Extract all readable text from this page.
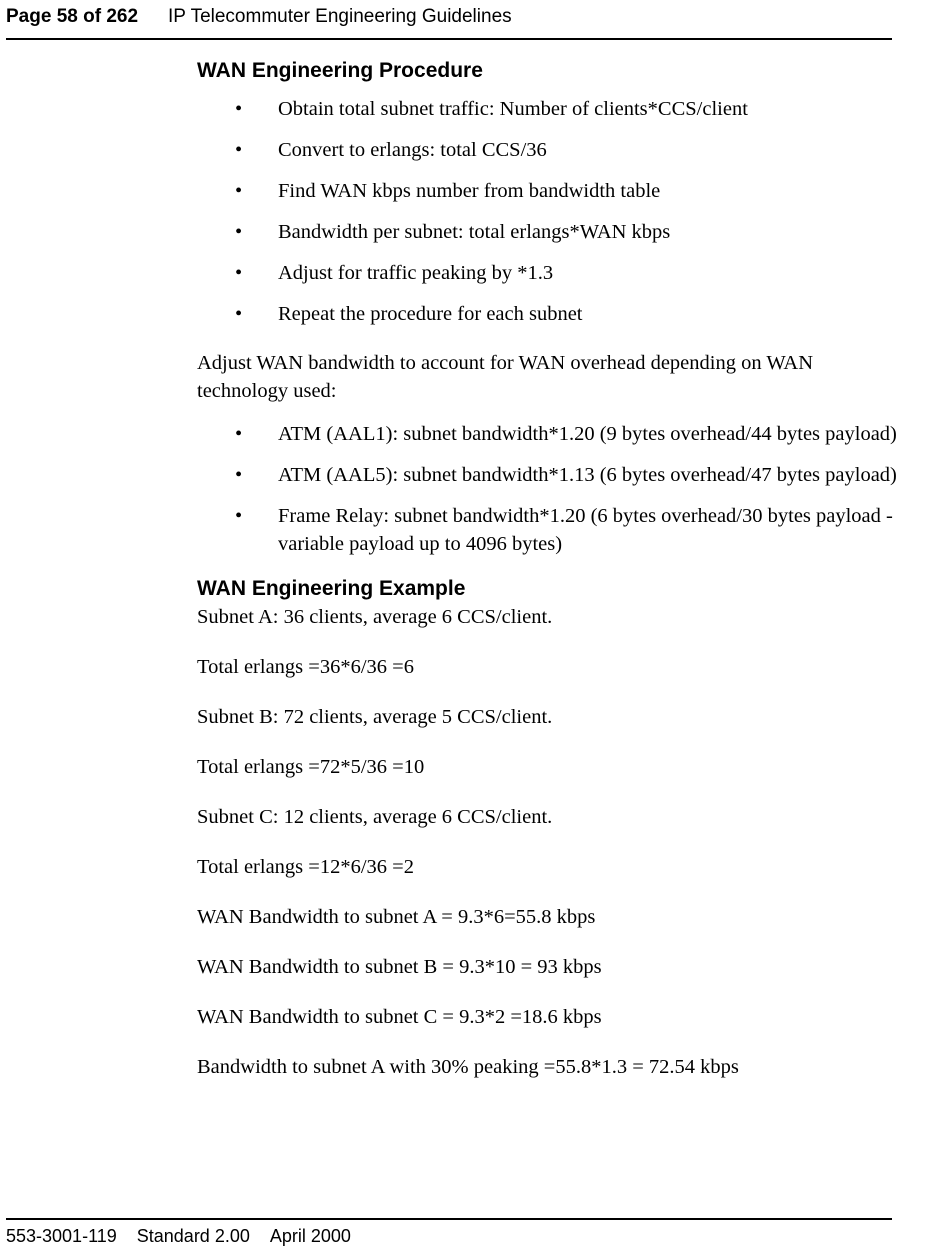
Page 58 of 262 IP Telecommuter Engineering Guidelines
WAN Engineering Procedure
• Obtain total subnet traffic: Number of clients*CCS/client
• Convert to erlangs: total CCS/36
• Find WAN kbps number from bandwidth table
• Bandwidth per subnet: total erlangs*WAN kbps
• Adjust for traffic peaking by *1.3
• Repeat the procedure for each subnet

Adjust WAN bandwidth to account for WAN overhead depending on WAN technology used:

• ATM (AAL1): subnet bandwidth*1.20 (9 bytes overhead/44 bytes payload)
• ATM (AAL5): subnet bandwidth*1.13 (6 bytes overhead/47 bytes payload)
• Frame Relay: subnet bandwidth*1.20 (6 bytes overhead/30 bytes payload -variable payload up to 4096 bytes)
WAN Engineering Example

Subnet A: 36 clients, average 6 CCS/client.

Total erlangs =36*6/36 =6

Subnet B: 72 clients, average 5 CCS/client.

Total erlangs =72*5/36 =10

Subnet C: 12 clients, average 6 CCS/client.

Total erlangs =12*6/36 =2

WAN Bandwidth to subnet A = 9.3*6=55.8 kbps

WAN Bandwidth to subnet B = 9.3*10 = 93 kbps

WAN Bandwidth to subnet C = 9.3*2 =18.6 kbps

Bandwidth to subnet A with 30% peaking =55.8*1.3 = 72.54 kbps

553-3001-119 Standard 2.00 April 2000
